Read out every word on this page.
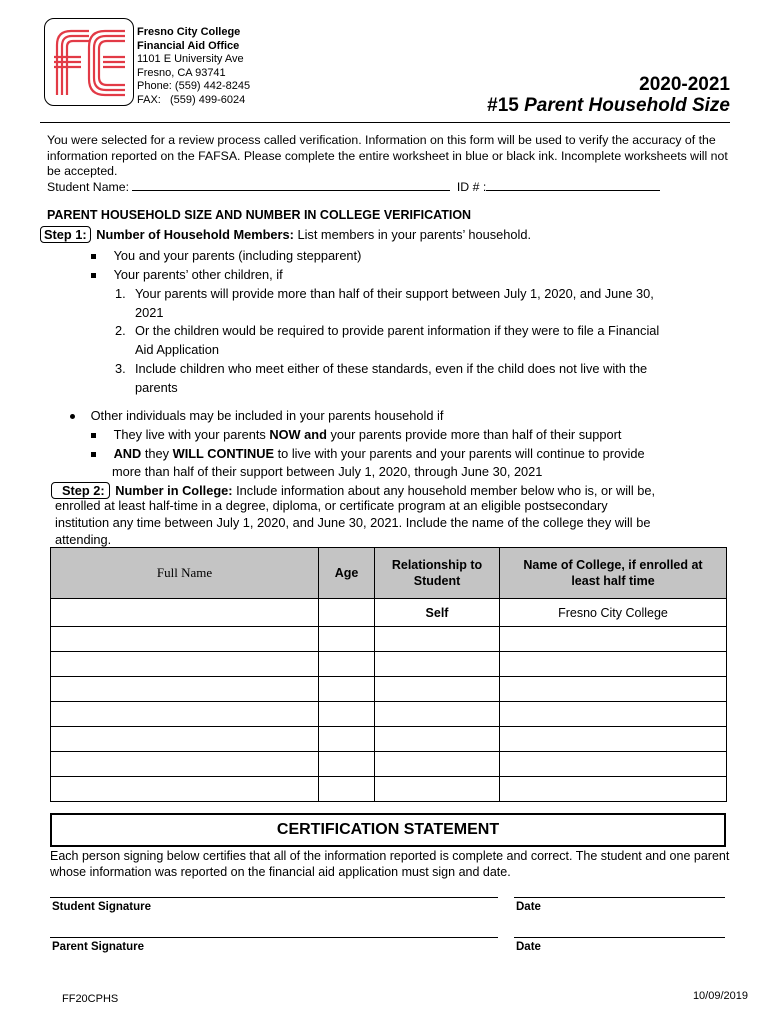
Fresno City College
Financial Aid Office
1101 E University Ave
Fresno, CA 93741
Phone: (559) 442-8245
FAX:   (559) 499-6024
2020-2021
#15 Parent Household Size
You were selected for a review process called verification. Information on this form will be used to verify the accuracy of the information reported on the FAFSA. Please complete the entire worksheet in blue or black ink. Incomplete worksheets will not be accepted.
Student Name:	ID # :
PARENT HOUSEHOLD SIZE AND NUMBER IN COLLEGE VERIFICATION
Step 1: Number of Household Members: List members in your parents’ household.
You and your parents (including stepparent)
Your parents’ other children, if
1. Your parents will provide more than half of their support between July 1, 2020, and June 30,
2021
2. Or the children would be required to provide parent information if they were to file a Financial
Aid Application
3. Include children who meet either of these standards, even if the child does not live with the
parents
Other individuals may be included in your parents household if
They live with your parents NOW and your parents provide more than half of their support
AND they WILL CONTINUE to live with your parents and your parents will continue to provide
more than half of their support between July 1, 2020, through June 30, 2021
Step 2: Number in College: Include information about any household member below who is, or will be,
enrolled at least half-time in a degree, diploma, or certificate program at an eligible postsecondary
institution any time between July 1, 2020, and June 30, 2021. Include the name of the college they will be
attending.
Full Name	Age	Relationship to Student	Name of College, if enrolled at least half time
		Self	Fresno City College

CERTIFICATION STATEMENT
Each person signing below certifies that all of the information reported is complete and correct. The student and one parent whose information was reported on the financial aid application must sign and date.
Student Signature	Date
Parent Signature	Date
FF20CPHS	10/09/2019
